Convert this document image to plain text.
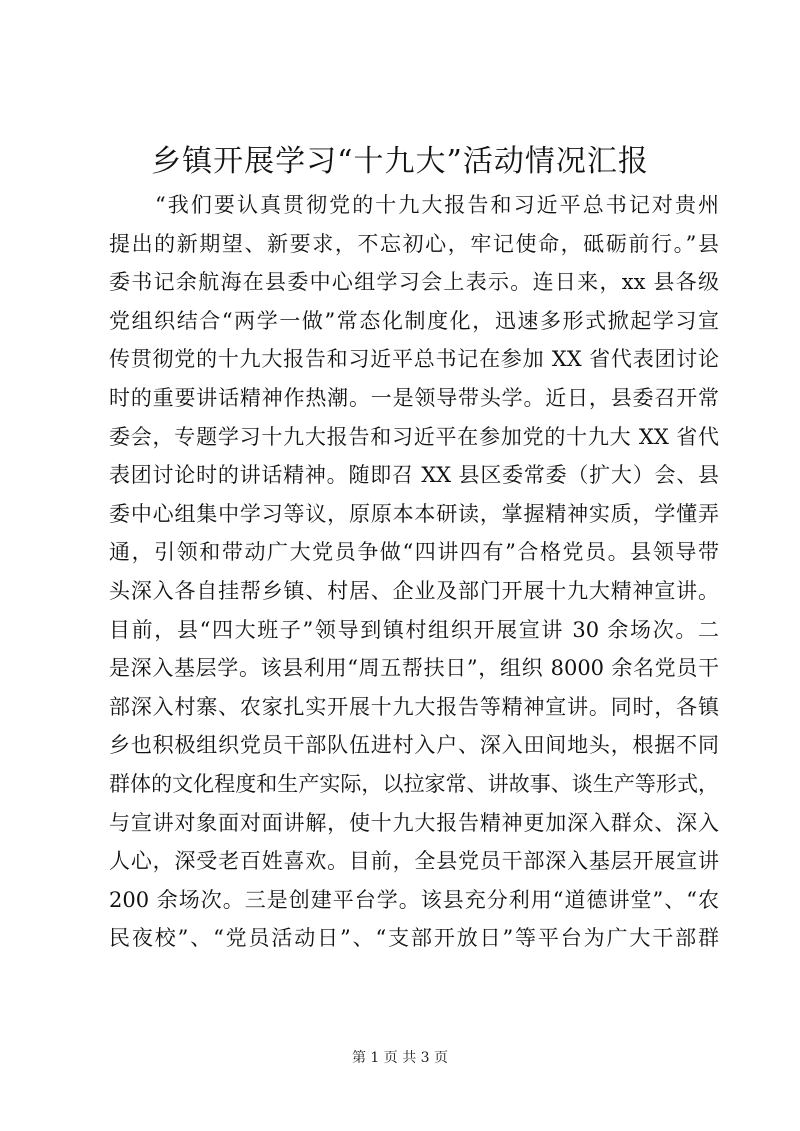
乡镇开展学习“十九大”活动情况汇报
“我们要认真贯彻党的十九大报告和习近平总书记对贵州
提出的新期望、新要求，不忘初心，牢记使命，砥砺前行。”县
委书记余航海在县委中心组学习会上表示。连日来，xx 县各级
党组织结合“两学一做”常态化制度化，迅速多形式掀起学习宣
传贯彻党的十九大报告和习近平总书记在参加 XX 省代表团讨论
时的重要讲话精神作热潮。一是领导带头学。近日，县委召开常
委会，专题学习十九大报告和习近平在参加党的十九大 XX 省代
表团讨论时的讲话精神。随即召 XX 县区委常委（扩大）会、县
委中心组集中学习等议，原原本本研读，掌握精神实质，学懂弄
通，引领和带动广大党员争做“四讲四有”合格党员。县领导带
头深入各自挂帮乡镇、村居、企业及部门开展十九大精神宣讲。
目前，县“四大班子”领导到镇村组织开展宣讲 30 余场次。二
是深入基层学。该县利用“周五帮扶日”，组织 8000 余名党员干
部深入村寨、农家扎实开展十九大报告等精神宣讲。同时，各镇
乡也积极组织党员干部队伍进村入户、深入田间地头，根据不同
群体的文化程度和生产实际，以拉家常、讲故事、谈生产等形式，
与宣讲对象面对面讲解，使十九大报告精神更加深入群众、深入
人心，深受老百姓喜欢。目前，全县党员干部深入基层开展宣讲
200 余场次。三是创建平台学。该县充分利用“道德讲堂”、“农
民夜校”、“党员活动日”、“支部开放日”等平台为广大干部群
第 1 页 共 3 页
